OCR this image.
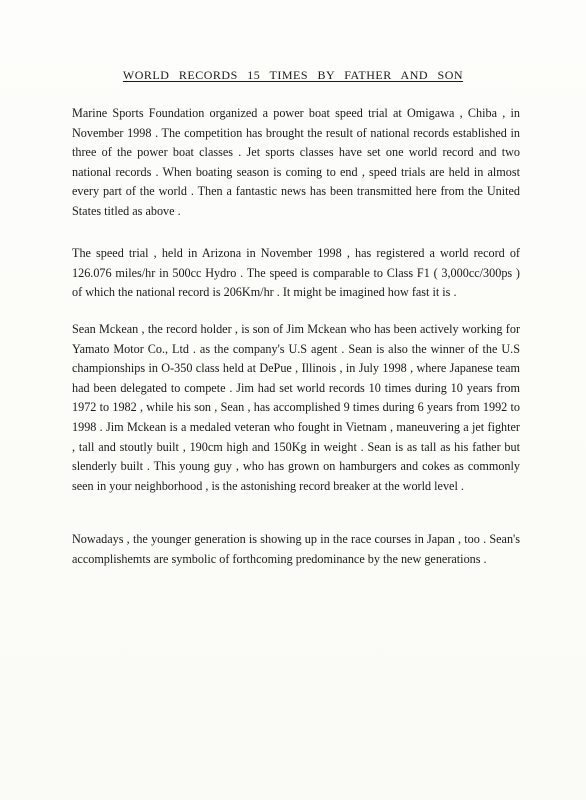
WORLD RECORDS 15 TIMES BY FATHER AND SON

Marine Sports Foundation organized a power boat speed trial at Omigawa , Chiba , in November 1998 . The competition has brought the result of national records established in three of the power boat classes . Jet sports classes have set one world record and two national records . When boating season is coming to end , speed trials are held in almost every part of the world . Then a fantastic news has been transmitted here from the United States titled as above .

The speed trial , held in Arizona in November 1998 , has registered a world record of 126.076 miles/hr in 500cc Hydro . The speed is comparable to Class F1 ( 3,000cc/300ps ) of which the national record is 206Km/hr . It might be imagined how fast it is .

Sean Mckean , the record holder , is son of Jim Mckean who has been actively working for Yamato Motor Co., Ltd . as the company's U.S agent . Sean is also the winner of the U.S championships in O-350 class held at DePue , Illinois , in July 1998 , where Japanese team had been delegated to compete . Jim had set world records 10 times during 10 years from 1972 to 1982 , while his son , Sean , has accomplished 9 times during 6 years from 1992 to 1998 . Jim Mckean is a medaled veteran who fought in Vietnam , maneuvering a jet fighter , tall and stoutly built , 190cm high and 150Kg in weight . Sean is as tall as his father but slenderly built . This young guy , who has grown on hamburgers and cokes as commonly seen in your neighborhood , is the astonishing record breaker at the world level .

Nowadays , the younger generation is showing up in the race courses in Japan , too . Sean's accomplishemts are symbolic of forthcoming predominance by the new generations .
